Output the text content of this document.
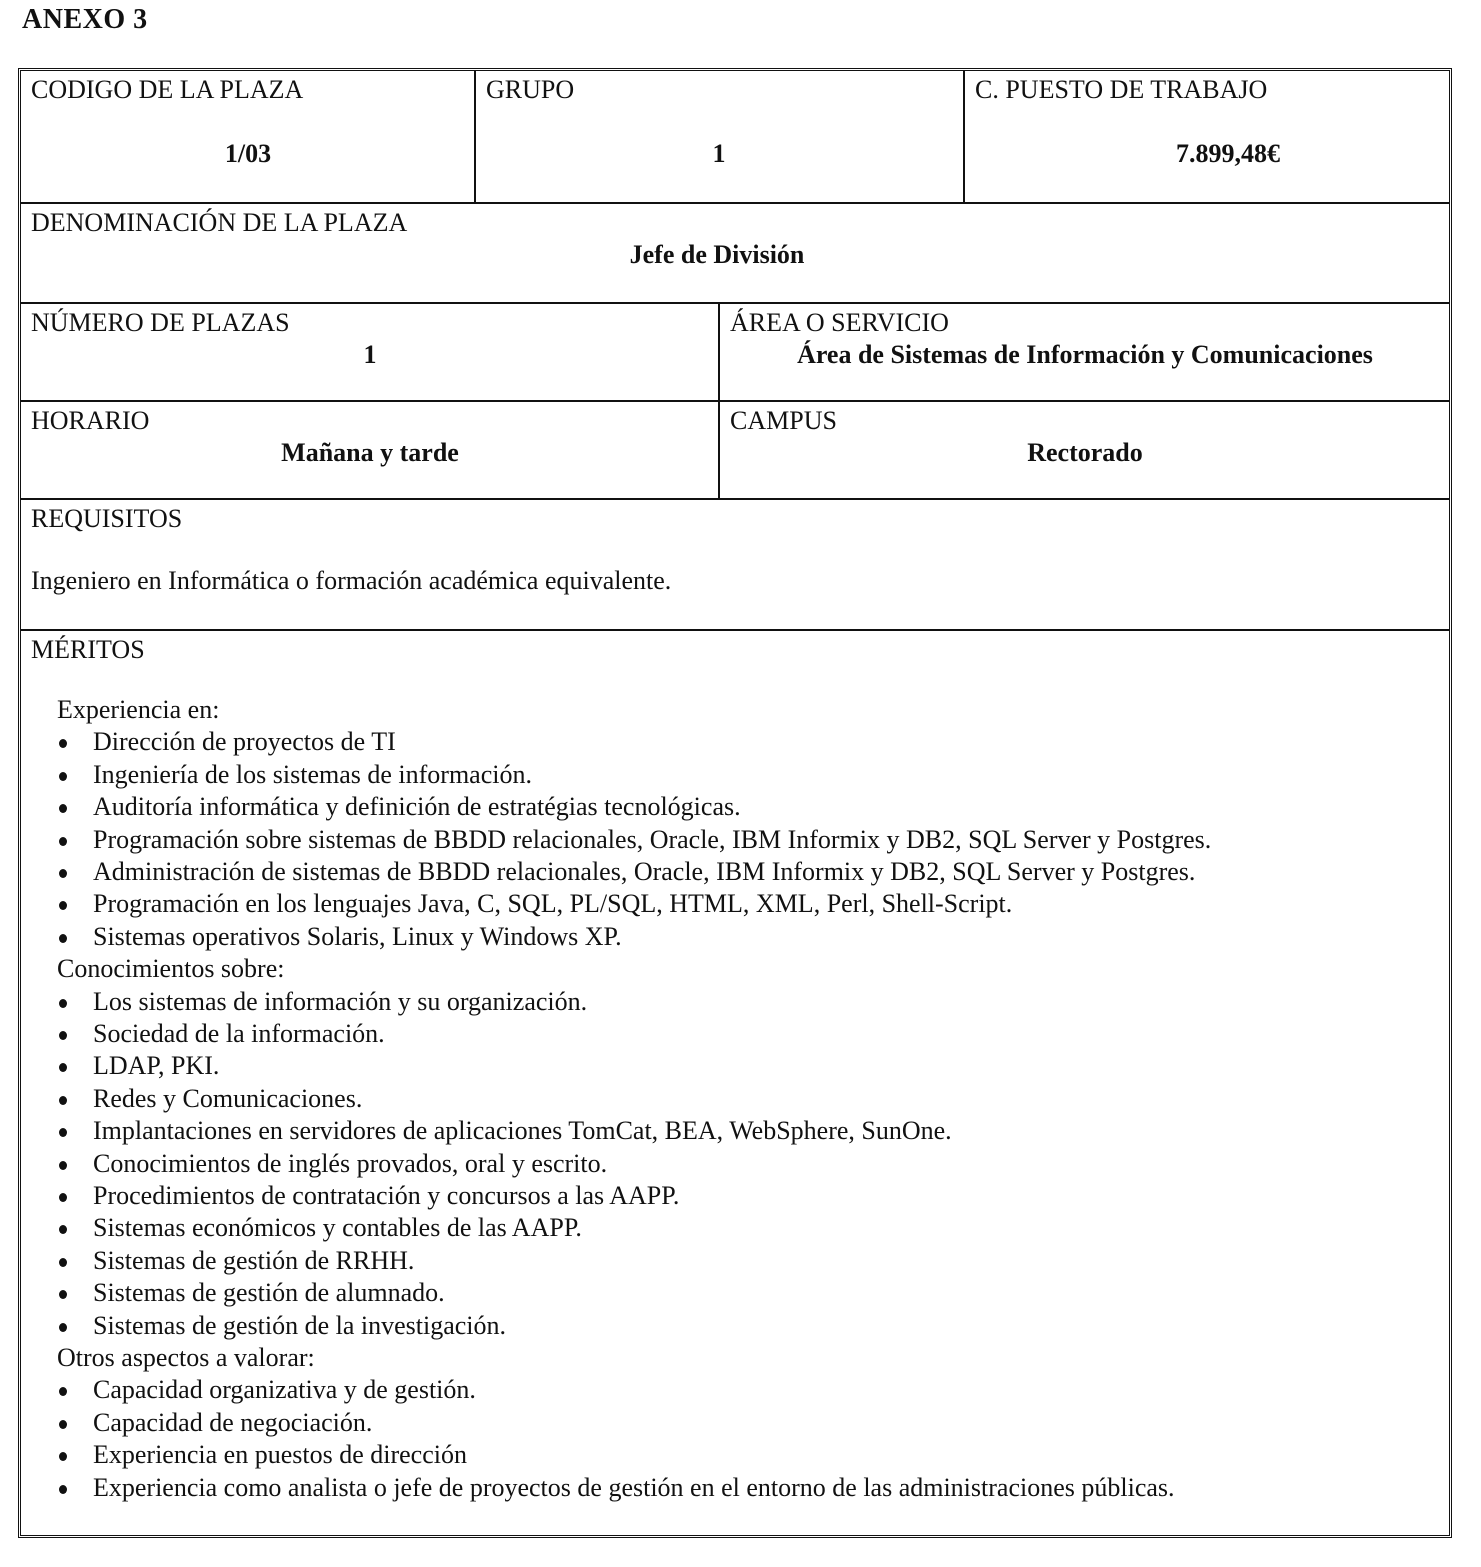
ANEXO 3
CODIGO DE LA PLAZA
1/03
GRUPO
1
C. PUESTO DE TRABAJO
7.899,48€
DENOMINACIÓN DE LA PLAZA
Jefe de División
NÚMERO DE PLAZAS
1
ÁREA O SERVICIO
Área de Sistemas de Información y Comunicaciones
HORARIO
Mañana y tarde
CAMPUS
Rectorado
REQUISITOS
Ingeniero en Informática o formación académica equivalente.
MÉRITOS
Experiencia en:
Dirección de proyectos de TI
Ingeniería de los sistemas de información.
Auditoría informática y definición de estratégias tecnológicas.
Programación sobre sistemas de BBDD relacionales, Oracle, IBM Informix y DB2, SQL Server y Postgres.
Administración de sistemas de BBDD relacionales, Oracle, IBM Informix y DB2, SQL Server y Postgres.
Programación en los lenguajes Java, C, SQL, PL/SQL, HTML, XML, Perl, Shell-Script.
Sistemas operativos Solaris, Linux y Windows XP.
Conocimientos sobre:
Los sistemas de información y su organización.
Sociedad de la información.
LDAP, PKI.
Redes y Comunicaciones.
Implantaciones en servidores de aplicaciones TomCat, BEA, WebSphere, SunOne.
Conocimientos de inglés provados, oral y escrito.
Procedimientos de contratación y concursos a las AAPP.
Sistemas económicos y contables de las AAPP.
Sistemas de gestión de RRHH.
Sistemas de gestión de alumnado.
Sistemas de gestión de la investigación.
Otros aspectos a valorar:
Capacidad organizativa y de gestión.
Capacidad de negociación.
Experiencia en puestos de dirección
Experiencia como analista o jefe de proyectos de gestión en el entorno de las administraciones públicas.
